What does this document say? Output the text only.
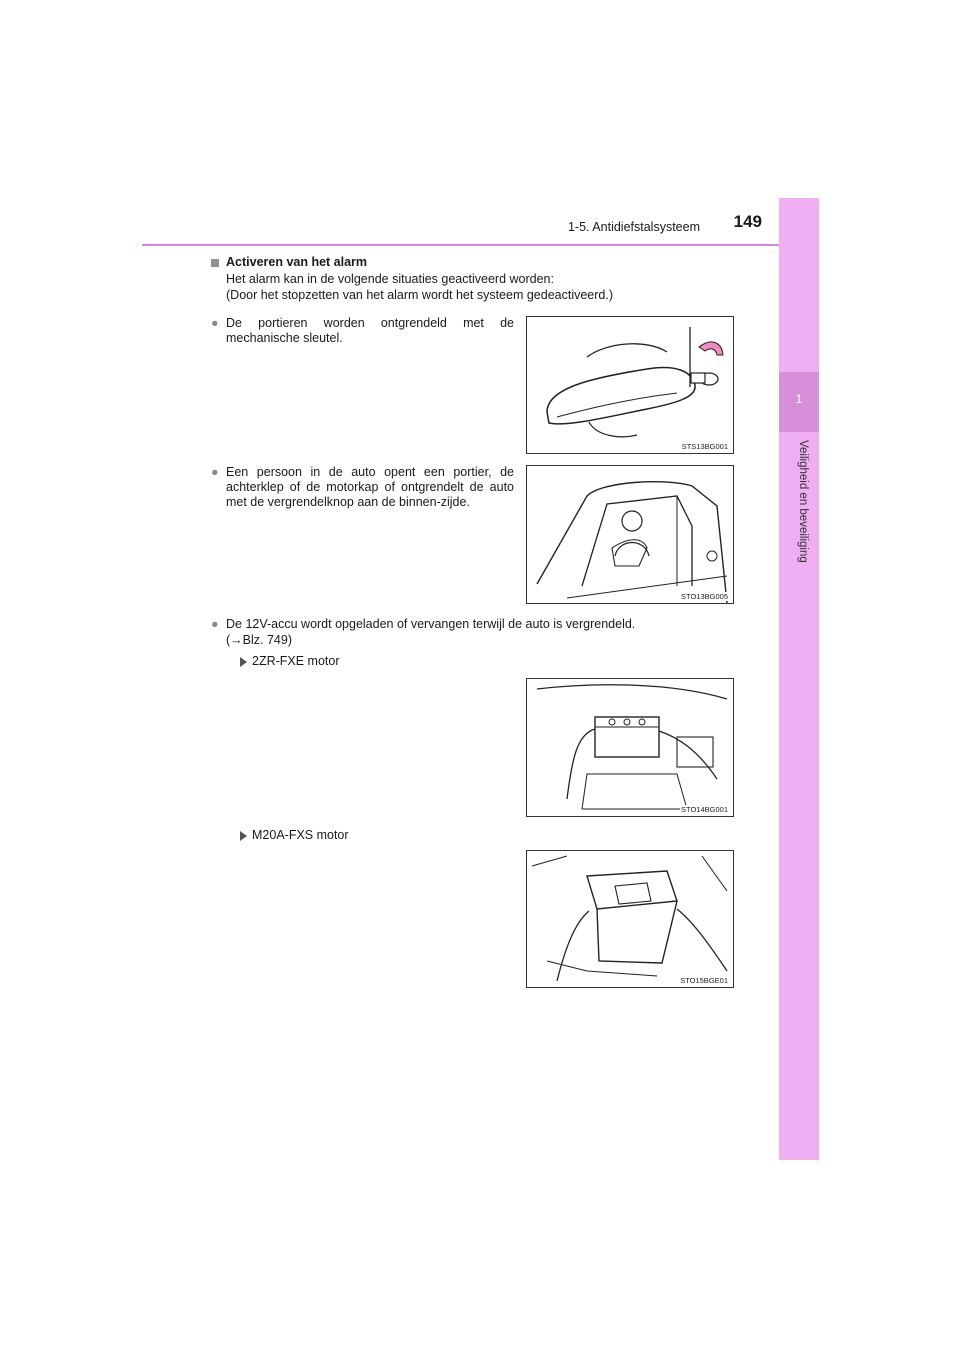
1-5. Antidiefstalsysteem	149
1
Veiligheid en beveiliging
Activeren van het alarm
Het alarm kan in de volgende situaties geactiveerd worden:
(Door het stopzetten van het alarm wordt het systeem gedeactiveerd.)
● De portieren worden ontgrendeld met de mechanische sleutel.
STS13BG001
● Een persoon in de auto opent een portier, de achterklep of de motorkap of ontgrendelt de auto met de vergrendelknop aan de binnen-zijde.
STO13BG005
● De 12V-accu wordt opgeladen of vervangen terwijl de auto is vergrendeld.
(→Blz. 749)
2ZR-FXE motor
STO14BG001
M20A-FXS motor
STO15BGE01
